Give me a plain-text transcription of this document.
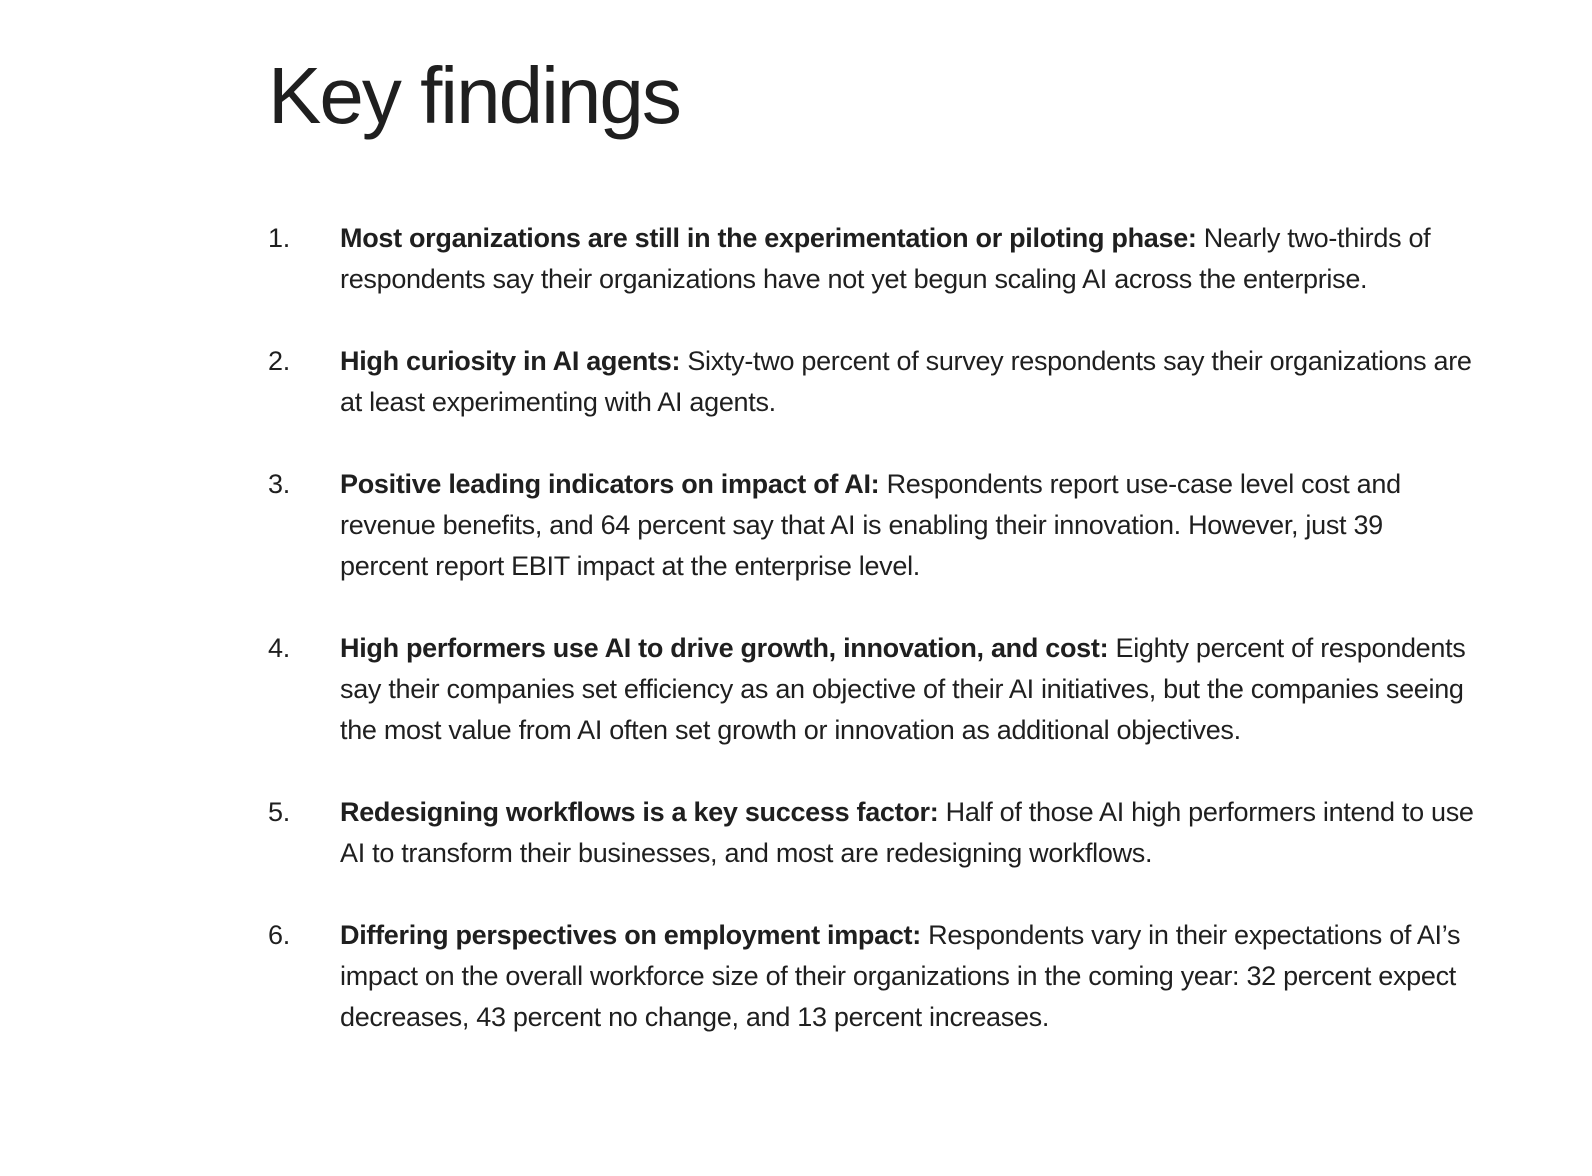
Key findings
1.	Most organizations are still in the experimentation or piloting phase: Nearly two-thirds of respondents say their organizations have not yet begun scaling AI across the enterprise.
2.	High curiosity in AI agents: Sixty-two percent of survey respondents say their organizations are at least experimenting with AI agents.
3.	Positive leading indicators on impact of AI: Respondents report use-case level cost and revenue benefits, and 64 percent say that AI is enabling their innovation. However, just 39 percent report EBIT impact at the enterprise level.
4.	High performers use AI to drive growth, innovation, and cost: Eighty percent of respondents say their companies set efficiency as an objective of their AI initiatives, but the companies seeing the most value from AI often set growth or innovation as additional objectives.
5.	Redesigning workflows is a key success factor: Half of those AI high performers intend to use AI to transform their businesses, and most are redesigning workflows.
6.	Differing perspectives on employment impact: Respondents vary in their expectations of AI’s impact on the overall workforce size of their organizations in the coming year: 32 percent expect decreases, 43 percent no change, and 13 percent increases.
